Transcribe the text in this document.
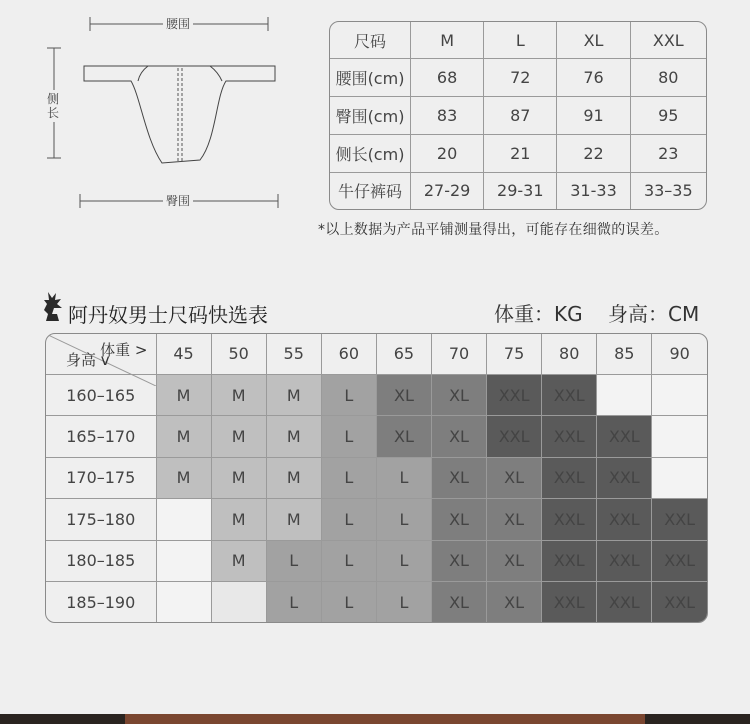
腰围
侧长
臀围
尺码	M	L	XL	XXL
腰围(cm)	68	72	76	80
臀围(cm)	83	87	91	95
侧长(cm)	20	21	22	23
牛仔裤码	27-29	29-31	31-33	33–35
*以上数据为产品平铺测量得出，可能存在细微的误差。
阿丹奴男士尺码快选表	体重：KG    身高：CM
体重 >
身高 v	45	50	55	60	65	70	75	80	85	90
160–165	M	M	M	L	XL	XL	XXL	XXL		
165–170	M	M	M	L	XL	XL	XXL	XXL	XXL	
170–175	M	M	M	L	L	XL	XL	XXL	XXL	
175–180		M	M	L	L	XL	XL	XXL	XXL	XXL
180–185		M	L	L	L	XL	XL	XXL	XXL	XXL
185–190			L	L	L	XL	XL	XXL	XXL	XXL
